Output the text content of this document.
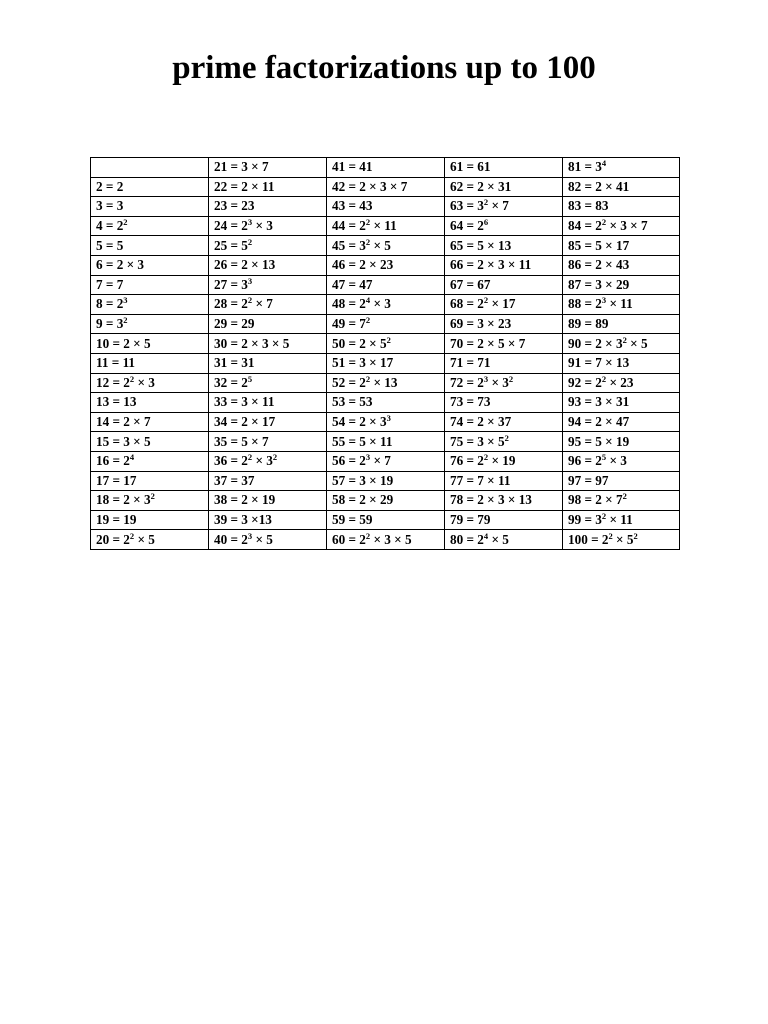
prime factorizations up to 100
	21 = 3 × 7	41 = 41	61 = 61	$81 = 3^4$
2 = 2	22 = 2 × 11	42 = 2 × 3 × 7	62 = 2 × 31	82 = 2 × 41
3 = 3	23 = 23	43 = 43	$63 = 3^2 \times 7$	83 = 83
$4 = 2^2$	$24 = 2^3 \times 3$	$44 = 2^2 \times 11$	$64 = 2^6$	$84 = 2^2 \times 3 \times 7$
5 = 5	$25 = 5^2$	$45 = 3^2 \times 5$	65 = 5 × 13	85 = 5 × 17
6 = 2 × 3	26 = 2 × 13	46 = 2 × 23	66 = 2 × 3 × 11	86 = 2 × 43
7 = 7	$27 = 3^3$	47 = 47	67 = 67	87 = 3 × 29
$8 = 2^3$	$28 = 2^2 \times 7$	$48 = 2^4 \times 3$	$68 = 2^2 \times 17$	$88 = 2^3 \times 11$
$9 = 3^2$	29 = 29	$49 = 7^2$	69 = 3 × 23	89 = 89
10 = 2 × 5	30 = 2 × 3 × 5	$50 = 2 \times 5^2$	70 = 2 × 5 × 7	$90 = 2 \times 3^2 \times 5$
11 = 11	31 = 31	51 = 3 × 17	71 = 71	91 = 7 × 13
$12 = 2^2 \times 3$	$32 = 2^5$	$52 = 2^2 \times 13$	$72 = 2^3 \times 3^2$	$92 = 2^2 \times 23$
13 = 13	33 = 3 × 11	53 = 53	73 = 73	93 = 3 × 31
14 = 2 × 7	34 = 2 × 17	$54 = 2 \times 3^3$	74 = 2 × 37	94 = 2 × 47
15 = 3 × 5	35 = 5 × 7	55 = 5 × 11	$75 = 3 \times 5^2$	95 = 5 × 19
$16 = 2^4$	$36 = 2^2 \times 3^2$	$56 = 2^3 \times 7$	$76 = 2^2 \times 19$	$96 = 2^5 \times 3$
17 = 17	37 = 37	57 = 3 × 19	77 = 7 × 11	97 = 97
$18 = 2 \times 3^2$	38 = 2 × 19	58 = 2 × 29	78 = 2 × 3 × 13	$98 = 2 \times 7^2$
19 = 19	39 = 3 ×13	59 = 59	79 = 79	$99 = 3^2 \times 11$
$20 = 2^2 \times 5$	$40 = 2^3 \times 5$	$60 = 2^2 \times 3 \times 5$	$80 = 2^4 \times 5$	$100 = 2^2 \times 5^2$
